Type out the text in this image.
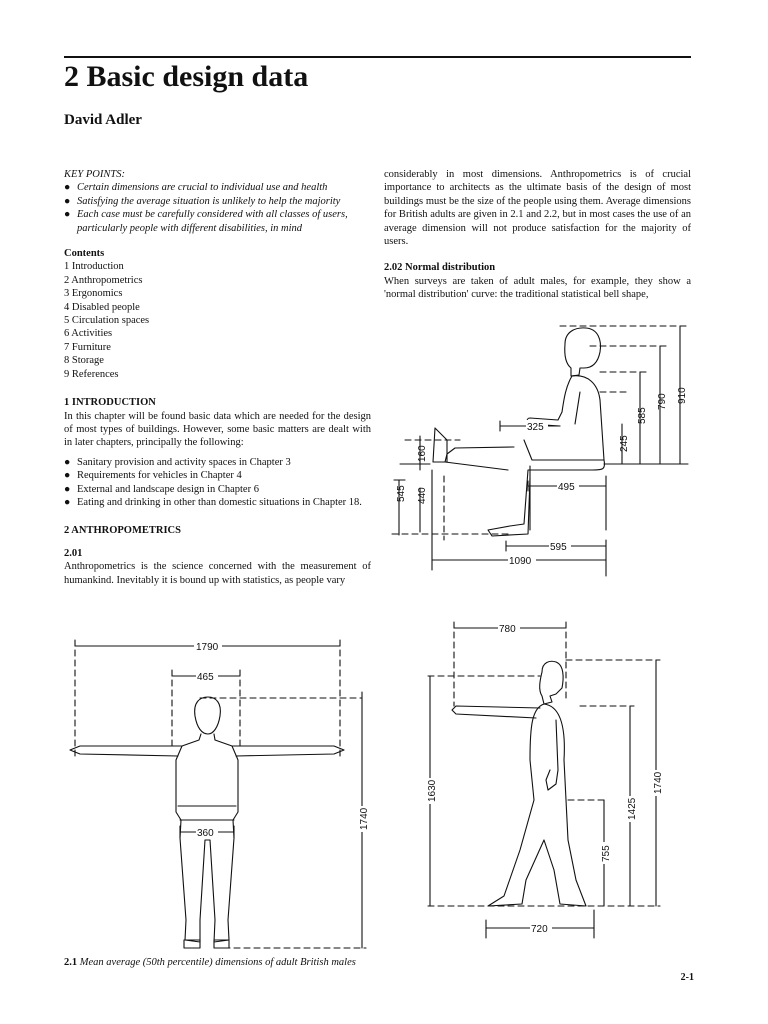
2 Basic design data
David Adler
KEY POINTS:
● Certain dimensions are crucial to individual use and health
● Satisfying the average situation is unlikely to help the majority
● Each case must be carefully considered with all classes of users, particularly people with different disabilities, in mind
Contents
1 Introduction
2 Anthropometrics
3 Ergonomics
4 Disabled people
5 Circulation spaces
6 Activities
7 Furniture
8 Storage
9 References
1 INTRODUCTION

In this chapter will be found basic data which are needed for the design of most types of buildings. However, some basic matters are dealt with in later chapters, principally the following:

● Sanitary provision and activity spaces in Chapter 3
● Requirements for vehicles in Chapter 4
● External and landscape design in Chapter 6
● Eating and drinking in other than domestic situations in Chapter 18.
2 ANTHROPOMETRICS
2.01

Anthropometrics is the science concerned with the measurement of humankind. Inevitably it is bound up with statistics, as people vary

considerably in most dimensions. Anthropometrics is of crucial importance to architects as the ultimate basis of the design of most buildings must be the size of the people using them. Average dimensions for British adults are given in 2.1 and 2.2, but in most cases the use of an average dimension will not produce satisfaction for the majority of users.

2.02 Normal distribution

When surveys are taken of adult males, for example, they show a 'normal distribution' curve: the traditional statistical bell shape,

325
245
585
790 910
160
495
545 440
595
1090
1790
465
360
1740
780
1630
1425
1740
755
720
2.1 Mean average (50th percentile) dimensions of adult British males
2-1
